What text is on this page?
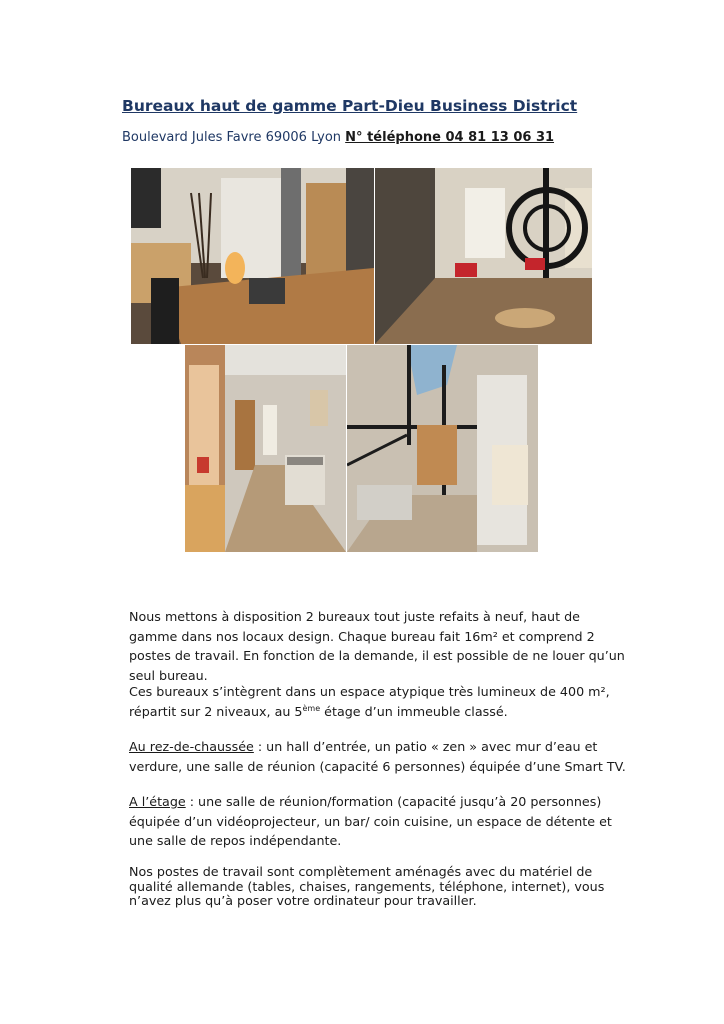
Bureaux haut de gamme Part-Dieu Business District
Boulevard Jules Favre 69006 Lyon N° téléphone 04 81 13 06 31
Nous mettons à disposition 2 bureaux tout juste refaits à neuf, haut de gamme dans nos locaux design. Chaque bureau fait 16m² et comprend 2 postes de travail. En fonction de la demande, il est possible de ne louer qu’un seul bureau.
Ces bureaux s’intègrent dans un espace atypique très lumineux de 400 m², répartit sur 2 niveaux, au 5ème étage d’un immeuble classé.
Au rez-de-chaussée : un hall d’entrée, un patio « zen » avec mur d’eau et verdure, une salle de réunion (capacité 6 personnes) équipée d’une Smart TV.
A l’étage : une salle de réunion/formation (capacité jusqu’à 20 personnes) équipée d’un vidéoprojecteur, un bar/ coin cuisine, un espace de détente et une salle de repos indépendante.
Nos postes de travail sont complètement aménagés avec du matériel de qualité allemande (tables, chaises, rangements, téléphone, internet), vous n’avez plus qu’à poser votre ordinateur pour travailler.
